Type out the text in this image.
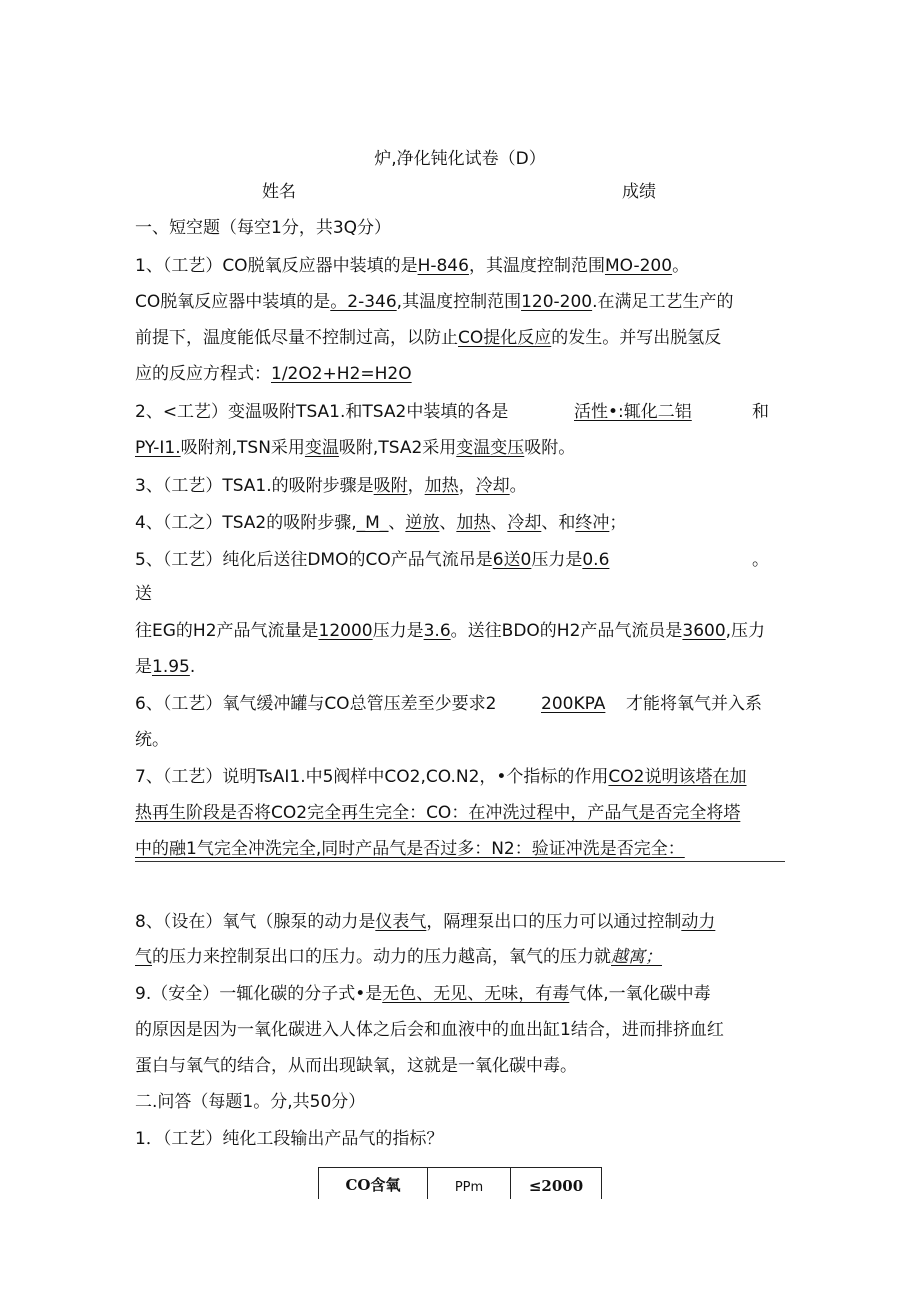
炉,净化钝化试卷（D）
姓名	成绩
一、短空题（每空1分，共3Q分）
1、（工艺）CO脱氧反应器中装填的是H-846，其温度控制范围MO-200。
CO脱氧反应器中装填的是。2-346,其温度控制范围120-200.在满足工艺生产的
前提下，温度能低尽量不控制过高，以防止CO提化反应的发生。并写出脱氢反
应的反应方程式：1/2O2+H2=H2O
2、<工艺）变温吸附TSA1.和TSA2中装填的各是	活性•:辄化二铝	和
PY-I1.吸附剂,TSN采用变温吸附,TSA2采用变温变压吸附。
3、（工艺）TSA1.的吸附步骤是吸附，加热，冷却。
4、（工之）TSA2的吸附步骤,_M_、逆放、加热、冷却、和终冲；
5、（工艺）纯化后送往DMO的CO产品气流吊是6送0压力是0.6	。
送
往EG的H2产品气流量是12000压力是3.6。送往BDO的H2产品气流员是3600,压力
是1.95.
6、（工艺）氧气缓冲罐与CO总管压差至少要求2	200KPA 才能将氧气并入系
统。
7、（工艺）说明TsAI1.中5阀样中CO2,CO.N2，•个指标的作用CO2说明该塔在加
热再生阶段是否将CO2完全再生完全：CO：在冲洗过程中，产品气是否完全将塔
中的融1气完全冲洗完全,同时产品气是否过多：N2：验证冲洗是否完全：
8、（设在）氧气（腺泵的动力是仪表气，隔理泵出口的压力可以通过控制动力
气的压力来控制泵出口的压力。动力的压力越高，氧气的压力就越寓；
9.（安全）一辄化碳的分子式•是无色、无见、无味，有毒气体,一氧化碳中毒
的原因是因为一氧化碳进入人体之后会和血液中的血出缸1结合，进而排挤血红
蛋白与氧气的结合，从而出现缺氧，这就是一氧化碳中毒。
二.问答（每题1。分,共50分）
1．（工艺）纯化工段输出产品气的指标？
CO含氧	PPm	≤2000
